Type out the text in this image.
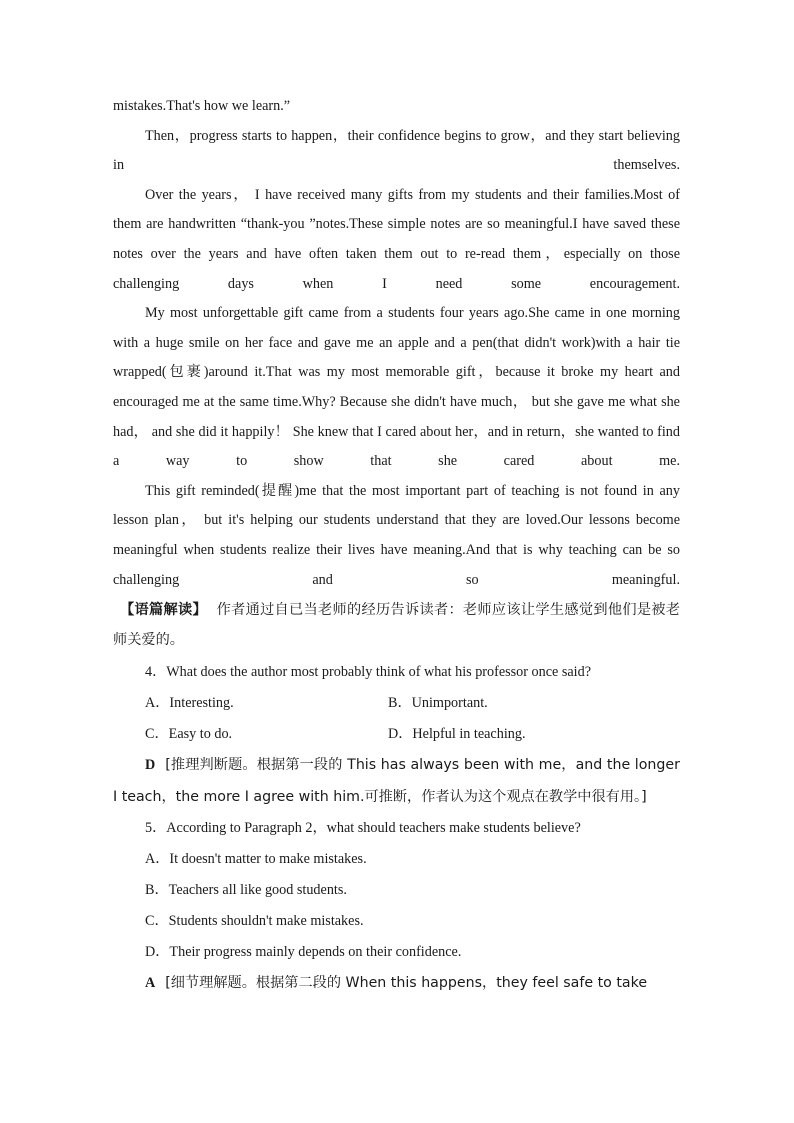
mistakes.That's how we learn.”

Then，progress starts to happen，their confidence begins to grow，and they start believing in themselves.

Over the years， I have received many gifts from my students and their families.Most of them are handwritten “thank-you ”notes.These simple notes are so meaningful.I have saved these notes over the years and have often taken them out to re-read them，especially on those challenging days when I need some encouragement.

My most unforgettable gift came from a students four years ago.She came in one morning with a huge smile on her face and gave me an apple and a pen(that didn't work)with a hair tie wrapped(包裹)around it.That was my most memorable gift，because it broke my heart and encouraged me at the same time.Why? Because she didn't have much， but she gave me what she had， and she did it happily！ She knew that I cared about her，and in return，she wanted to find a way to show that she cared about me.

This gift reminded(提醒)me that the most important part of teaching is not found in any lesson plan， but it's helping our students understand that they are loved.Our lessons become meaningful when students realize their lives have meaning.And that is why teaching can be so challenging and so meaningful.

【语篇解读】 作者通过自已当老师的经历告诉读者：老师应该让学生感觉到他们是被老师关爱的。

4．What does the author most probably think of what his professor once said?

A．Interesting.	B．Unimportant.
C．Easy to do.	D．Helpful in teaching.

D [推理判断题。根据第一段的 This has always been with me，and the longer I teach，the more I agree with him.可推断，作者认为这个观点在教学中很有用。]

5．According to Paragraph 2，what should teachers make students believe?

A．It doesn't matter to make mistakes.

B．Teachers all like good students.

C．Students shouldn't make mistakes.

D．Their progress mainly depends on their confidence.

A [细节理解题。根据第二段的 When this happens，they feel safe to take
